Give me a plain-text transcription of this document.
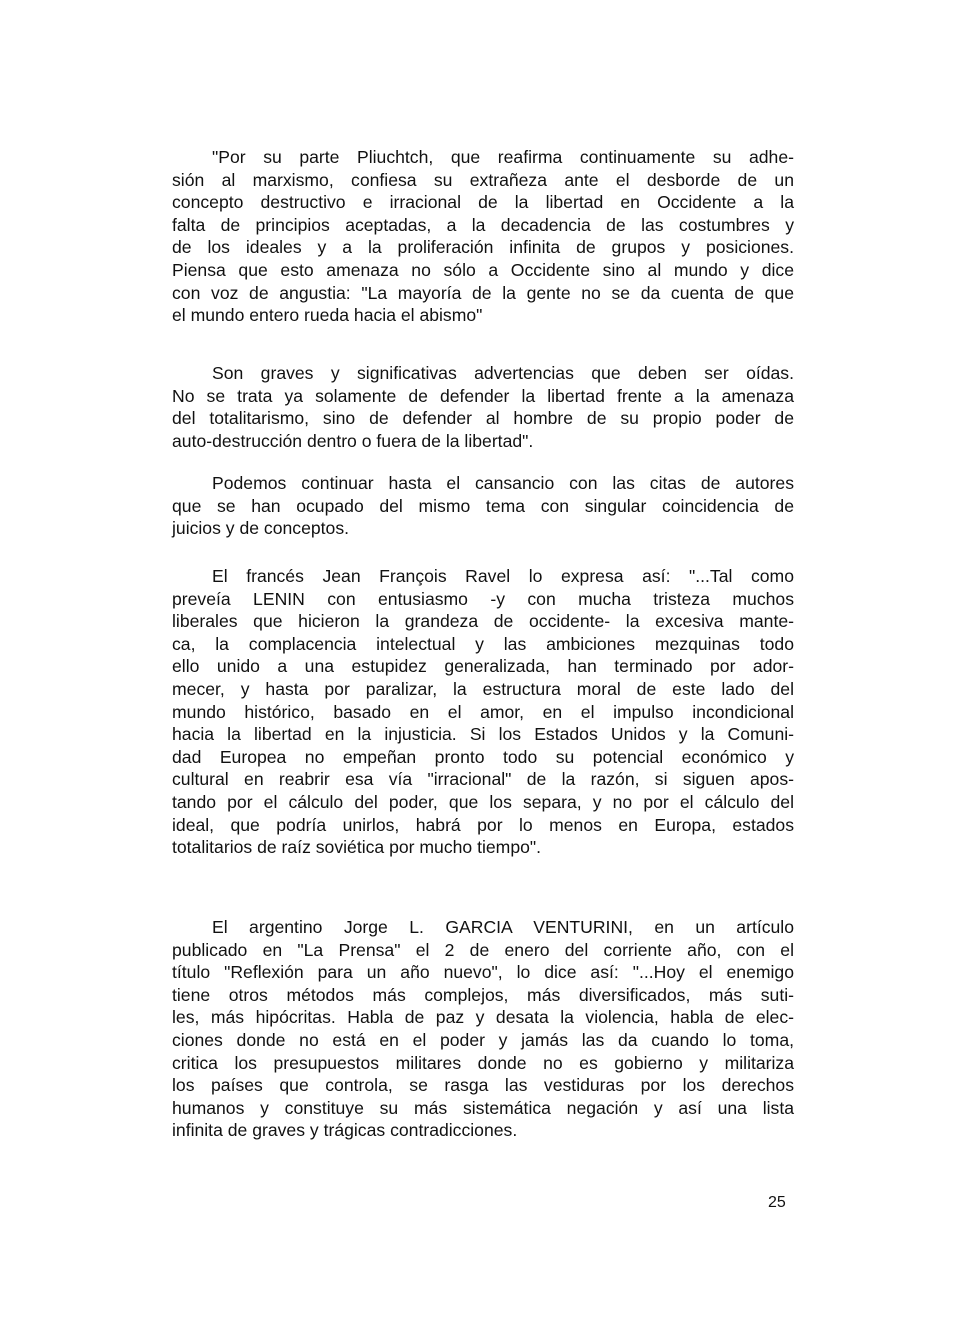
"Por su parte Pliuchtch, que reafirma continuamente su adhe-
sión al marxismo, confiesa su extrañeza ante el desborde de un
concepto destructivo e irracional de la libertad en Occidente a la
falta de principios aceptadas, a la decadencia de las costumbres y
de los ideales y a la proliferación infinita de grupos y posiciones.
Piensa que esto amenaza no sólo a Occidente sino al mundo y dice
con voz de angustia: "La mayoría de la gente no se da cuenta de que
el mundo entero rueda hacia el abismo"
Son graves y significativas advertencias que deben ser oídas.
No se trata ya solamente de defender la libertad frente a la amenaza
del totalitarismo, sino de defender al hombre de su propio poder de
auto-destrucción dentro o fuera de la libertad".
Podemos continuar hasta el cansancio con las citas de autores
que se han ocupado del mismo tema con singular coincidencia de
juicios y de conceptos.
El francés Jean François Ravel lo expresa así: "...Tal como
preveía LENIN con entusiasmo -y con mucha tristeza muchos
liberales que hicieron la grandeza de occidente- la excesiva mante-
ca, la complacencia intelectual y las ambiciones mezquinas todo
ello unido a una estupidez generalizada, han terminado por ador-
mecer, y hasta por paralizar, la estructura moral de este lado del
mundo histórico, basado en el amor, en el impulso incondicional
hacia la libertad en la injusticia. Si los Estados Unidos y la Comuni-
dad Europea no empeñan pronto todo su potencial económico y
cultural en reabrir esa vía "irracional" de la razón, si siguen apos-
tando por el cálculo del poder, que los separa, y no por el cálculo del
ideal, que podría unirlos, habrá por lo menos en Europa, estados
totalitarios de raíz soviética por mucho tiempo".
El argentino Jorge L. GARCIA VENTURINI, en un artículo
publicado en "La Prensa" el 2 de enero del corriente año, con el
título "Reflexión para un año nuevo", lo dice así: "...Hoy el enemigo
tiene otros métodos más complejos, más diversificados, más suti-
les, más hipócritas. Habla de paz y desata la violencia, habla de elec-
ciones donde no está en el poder y jamás las da cuando lo toma,
critica los presupuestos militares donde no es gobierno y militariza
los países que controla, se rasga las vestiduras por los derechos
humanos y constituye su más sistemática negación y así una lista
infinita de graves y trágicas contradicciones.
25
